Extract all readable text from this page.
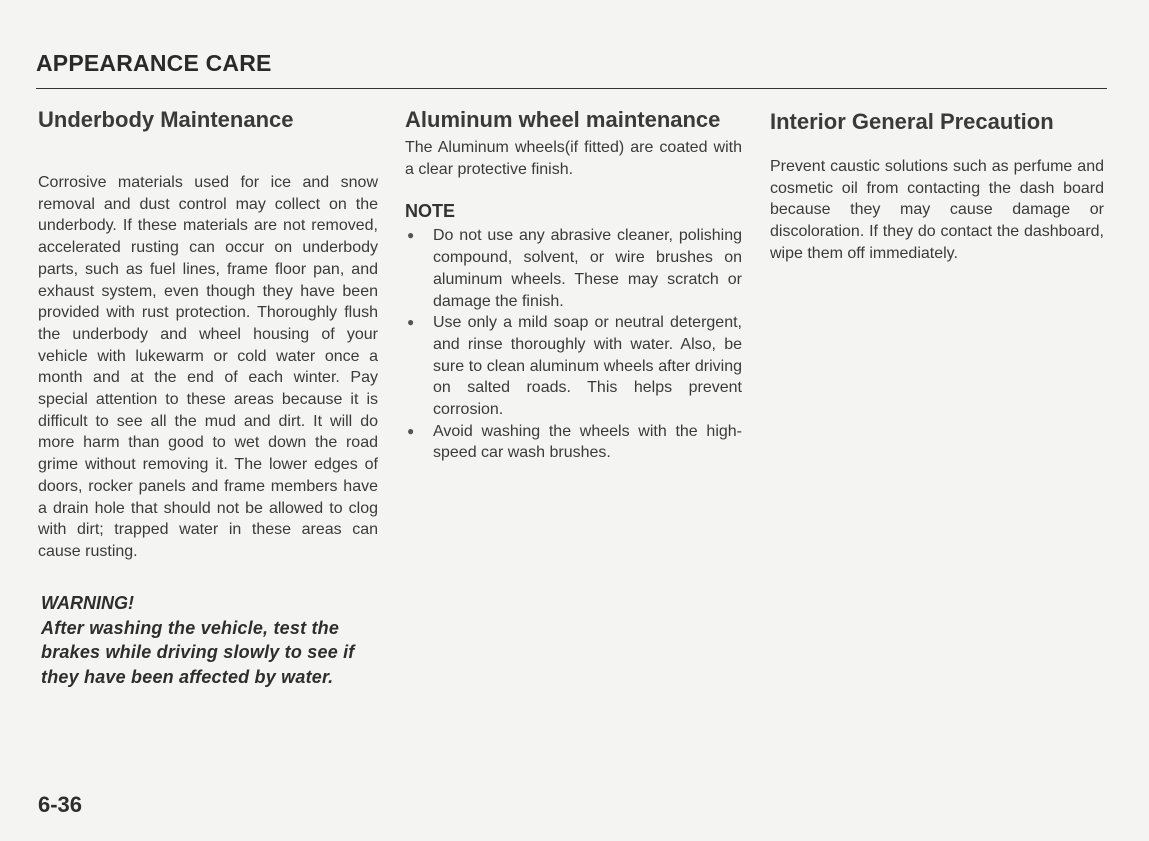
APPEARANCE CARE
Underbody Maintenance

Corrosive materials used for ice and snow removal and dust control may collect on the underbody. If these materials are not removed, accelerated rusting can occur on underbody parts, such as fuel lines, frame floor pan, and exhaust system, even though they have been provided with rust protection. Thoroughly flush the underbody and wheel housing of your vehicle with lukewarm or cold water once a month and at the end of each winter. Pay special attention to these areas because it is difficult to see all the mud and dirt. It will do more harm than good to wet down the road grime without removing it. The lower edges of doors, rocker panels and frame members have a drain hole that should not be allowed to clog with dirt; trapped water in these areas can cause rusting.

WARNING!
After washing the vehicle, test the brakes while driving slowly to see if they have been affected by water.
Aluminum wheel maintenance

The Aluminum wheels(if fitted) are coated with a clear protective finish.

NOTE
● Do not use any abrasive cleaner, polishing compound, solvent, or wire brushes on aluminum wheels. These may scratch or damage the finish.
● Use only a mild soap or neutral detergent, and rinse thoroughly with water. Also, be sure to clean aluminum wheels after driving on salted roads. This helps prevent corrosion.
● Avoid washing the wheels with the high-speed car wash brushes.
Interior General Precaution

Prevent caustic solutions such as perfume and cosmetic oil from contacting the dash board because they may cause damage or discoloration. If they do contact the dashboard, wipe them off immediately.

6-36
